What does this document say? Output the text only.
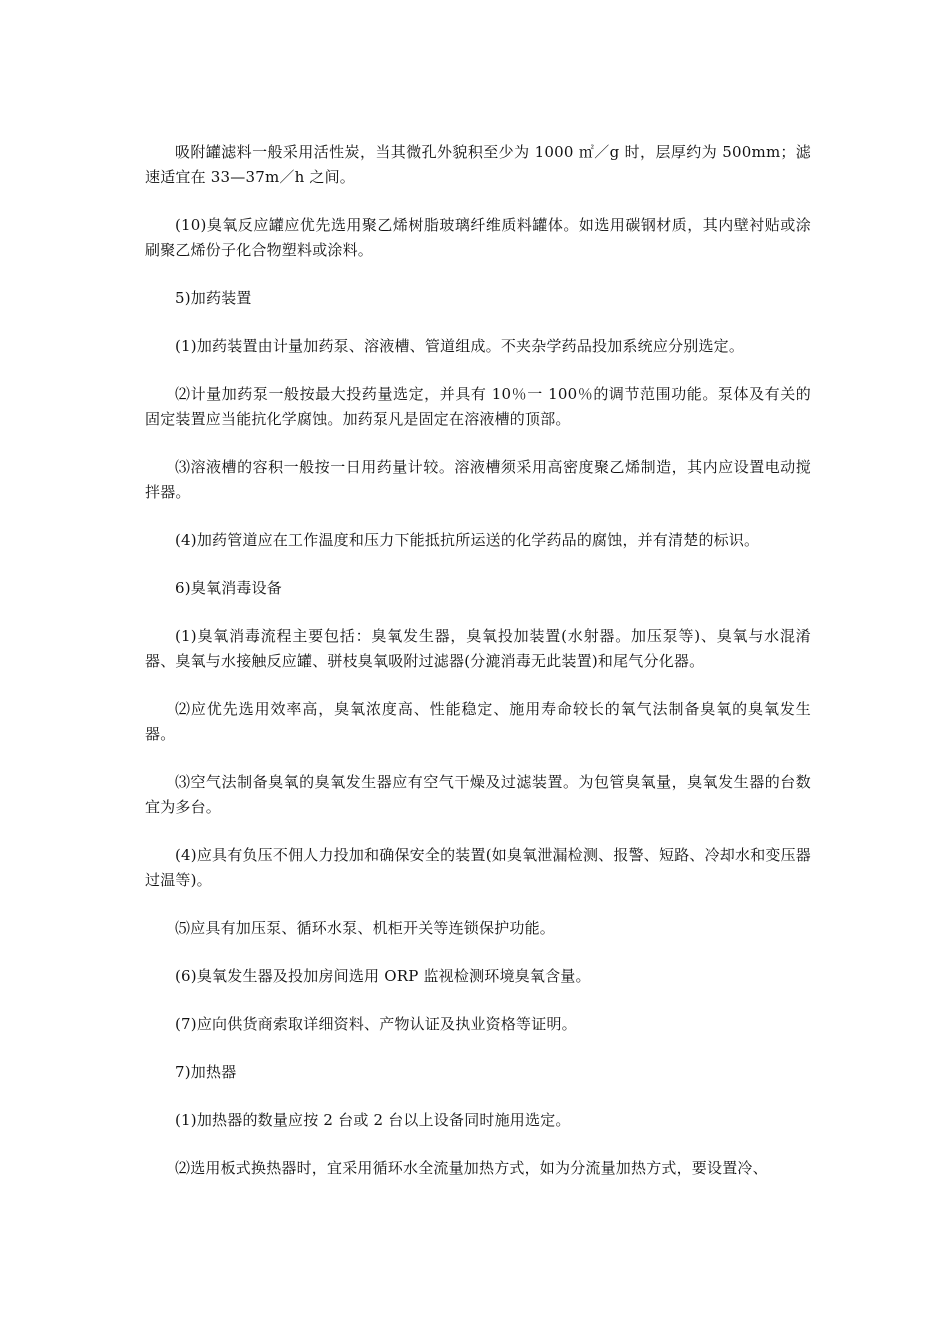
吸附罐滤料一般采用活性炭，当其微孔外貌积至少为 1000 ㎡／g 时，层厚约为 500mm；滤速适宜在 33—37m／h 之间。

(10)臭氧反应罐应优先选用聚乙烯树脂玻璃纤维质料罐体。如选用碳钢材质，其内壁衬贴或涂刷聚乙烯份子化合物塑料或涂料。

5)加药装置

(1)加药装置由计量加药泵、溶液槽、管道组成。不夹杂学药品投加系统应分别选定。

⑵计量加药泵一般按最大投药量选定，并具有 10％一 100％的调节范围功能。泵体及有关的固定装置应当能抗化学腐蚀。加药泵凡是固定在溶液槽的顶部。

⑶溶液槽的容积一般按一日用药量计较。溶液槽须采用高密度聚乙烯制造，其内应设置电动搅拌器。

(4)加药管道应在工作温度和压力下能抵抗所运送的化学药品的腐蚀，并有清楚的标识。

6)臭氧消毒设备

(1)臭氧消毒流程主要包括：臭氧发生器，臭氧投加装置(水射器。加压泵等)、臭氧与水混淆器、臭氧与水接触反应罐、骈枝臭氧吸附过滤器(分漉消毒无此装置)和尾气分化器。

⑵应优先选用效率高，臭氧浓度高、性能稳定、施用寿命较长的氧气法制备臭氧的臭氧发生器。

⑶空气法制备臭氧的臭氧发生器应有空气干燥及过滤装置。为包管臭氧量，臭氧发生器的台数宜为多台。

(4)应具有负压不佣人力投加和确保安全的装置(如臭氧泄漏检测、报警、短路、冷却水和变压器过温等)。

⑸应具有加压泵、循环水泵、机柜开关等连锁保护功能。

(6)臭氧发生器及投加房间选用 ORP 监视检测环境臭氧含量。

(7)应向供货商索取详细资料、产物认证及执业资格等证明。

7)加热器

(1)加热器的数量应按 2 台或 2 台以上设备同时施用选定。

⑵选用板式换热器时，宜采用循环水全流量加热方式，如为分流量加热方式，要设置冷、
